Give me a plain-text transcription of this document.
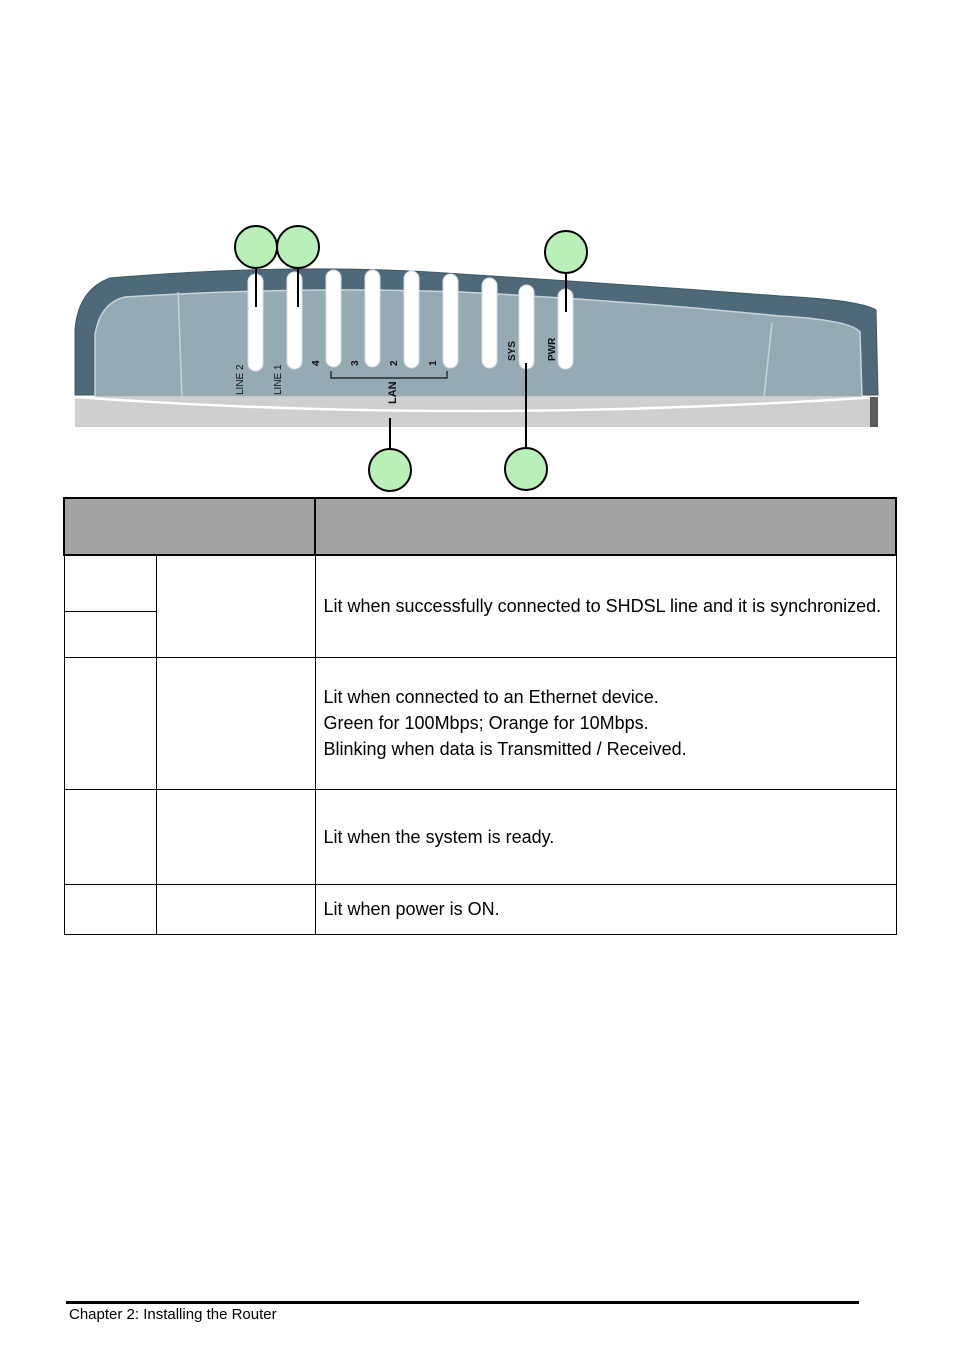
LINE 2	LINE 1
4	3	2	1
LAN
SYS	PWR

		Lit when successfully connected to SHDSL line and it is synchronized.

		Lit when connected to an Ethernet device.

Green for 100Mbps; Orange for 10Mbps.

Blinking when data is Transmitted / Received.

		Lit when the system is ready.

		Lit when power is ON.

Chapter 2: Installing the Router
